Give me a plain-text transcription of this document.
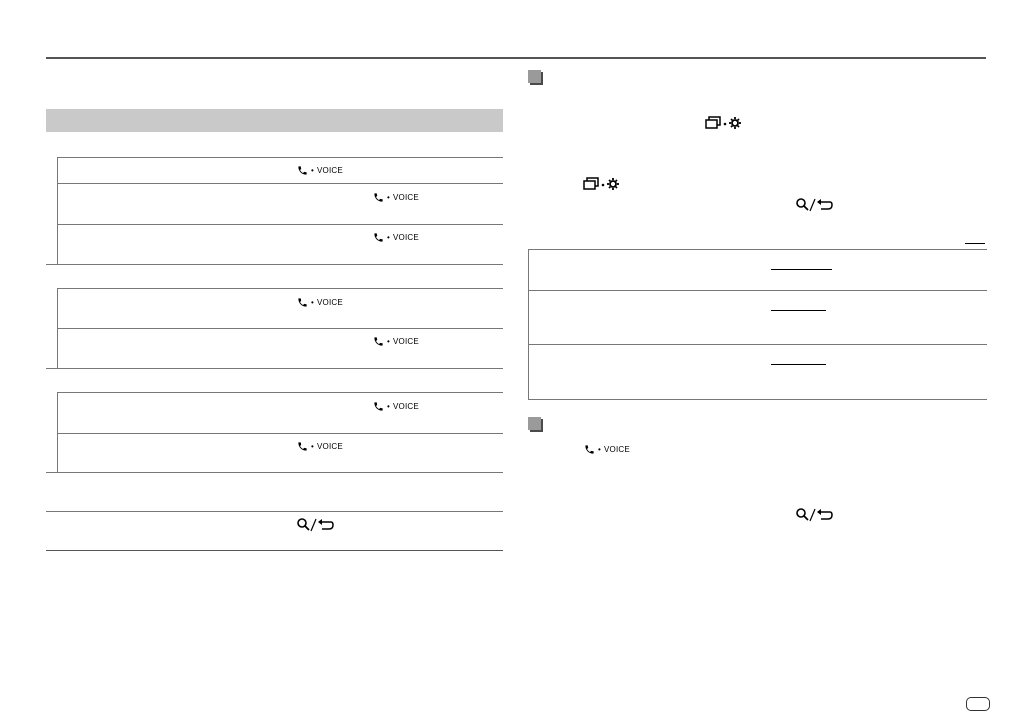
• VOICE
• VOICE
• VOICE
• VOICE
• VOICE
• VOICE
• VOICE	• VOICE
